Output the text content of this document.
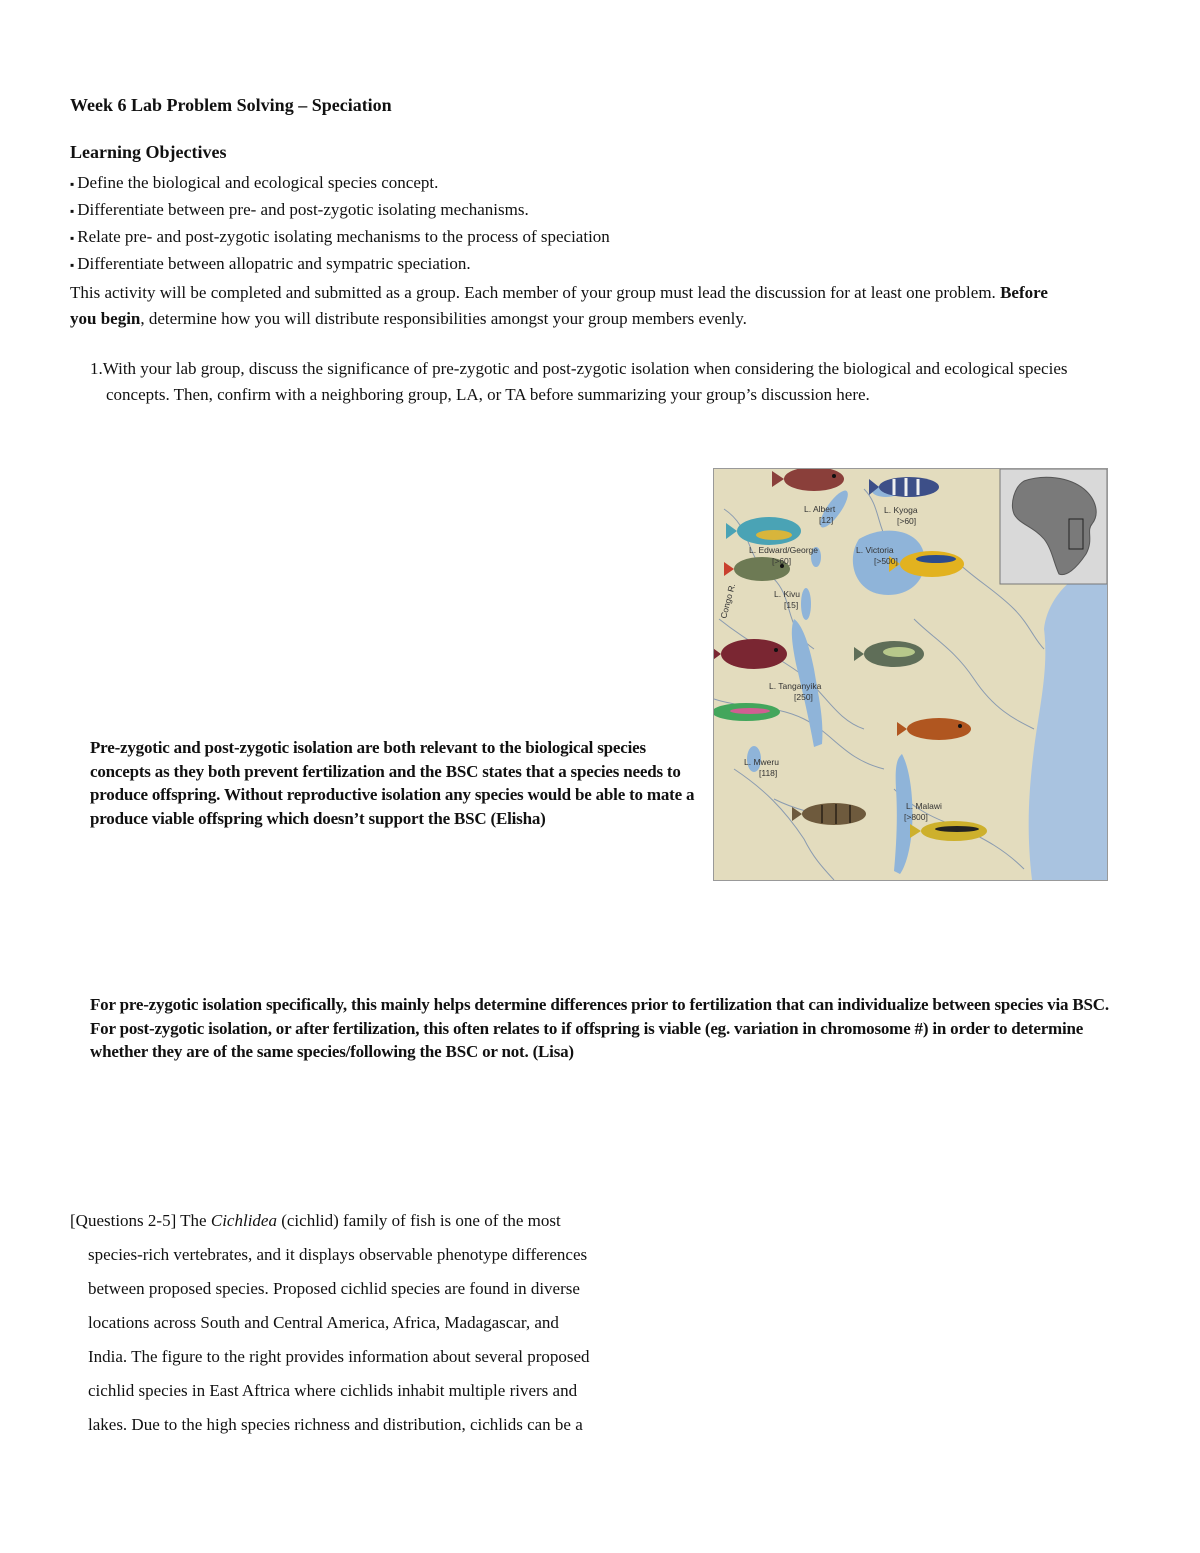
Week 6 Lab Problem Solving – Speciation
Learning Objectives
▪ Define the biological and ecological species concept.
▪ Differentiate between pre- and post-zygotic isolating mechanisms.
▪ Relate pre- and post-zygotic isolating mechanisms to the process of speciation
▪ Differentiate between allopatric and sympatric speciation.
This activity will be completed and submitted as a group. Each member of your group must lead the discussion for at least one problem. Before you begin, determine how you will distribute responsibilities amongst your group members evenly.
1.With your lab group, discuss the significance of pre-zygotic and post-zygotic isolation when considering the biological and ecological species concepts. Then, confirm with a neighboring group, LA, or TA before summarizing your group’s discussion here.
L. Albert
[12]
L. Kyoga
[>60]
L. Edward/George
[>60]
L. Victoria
[>500]
L. Kivu
[15]
L. Tanganyika
[250]
L. Mweru
[118]
L. Malawi
[>800]
Congo R.
Pre-zygotic and post-zygotic isolation are both relevant to the biological species concepts as they both prevent fertilization and the BSC states that a species needs to produce offspring. Without reproductive isolation any species would be able to mate a produce viable offspring which doesn’t support the BSC (Elisha)
For pre-zygotic isolation specifically, this mainly helps determine differences prior to fertilization that can individualize between species via BSC. For post-zygotic isolation, or after fertilization, this often relates to if offspring is viable (eg. variation in chromosome #) in order to determine whether they are of the same species/following the BSC or not. (Lisa)
[Questions 2-5] The Cichlidea (cichlid) family of fish is one of the most
species-rich vertebrates, and it displays observable phenotype differences
between proposed species. Proposed cichlid species are found in diverse
locations across South and Central America, Africa, Madagascar, and
India. The figure to the right provides information about several proposed
cichlid species in East Aftrica where cichlids inhabit multiple rivers and
lakes. Due to the high species richness and distribution, cichlids can be a
